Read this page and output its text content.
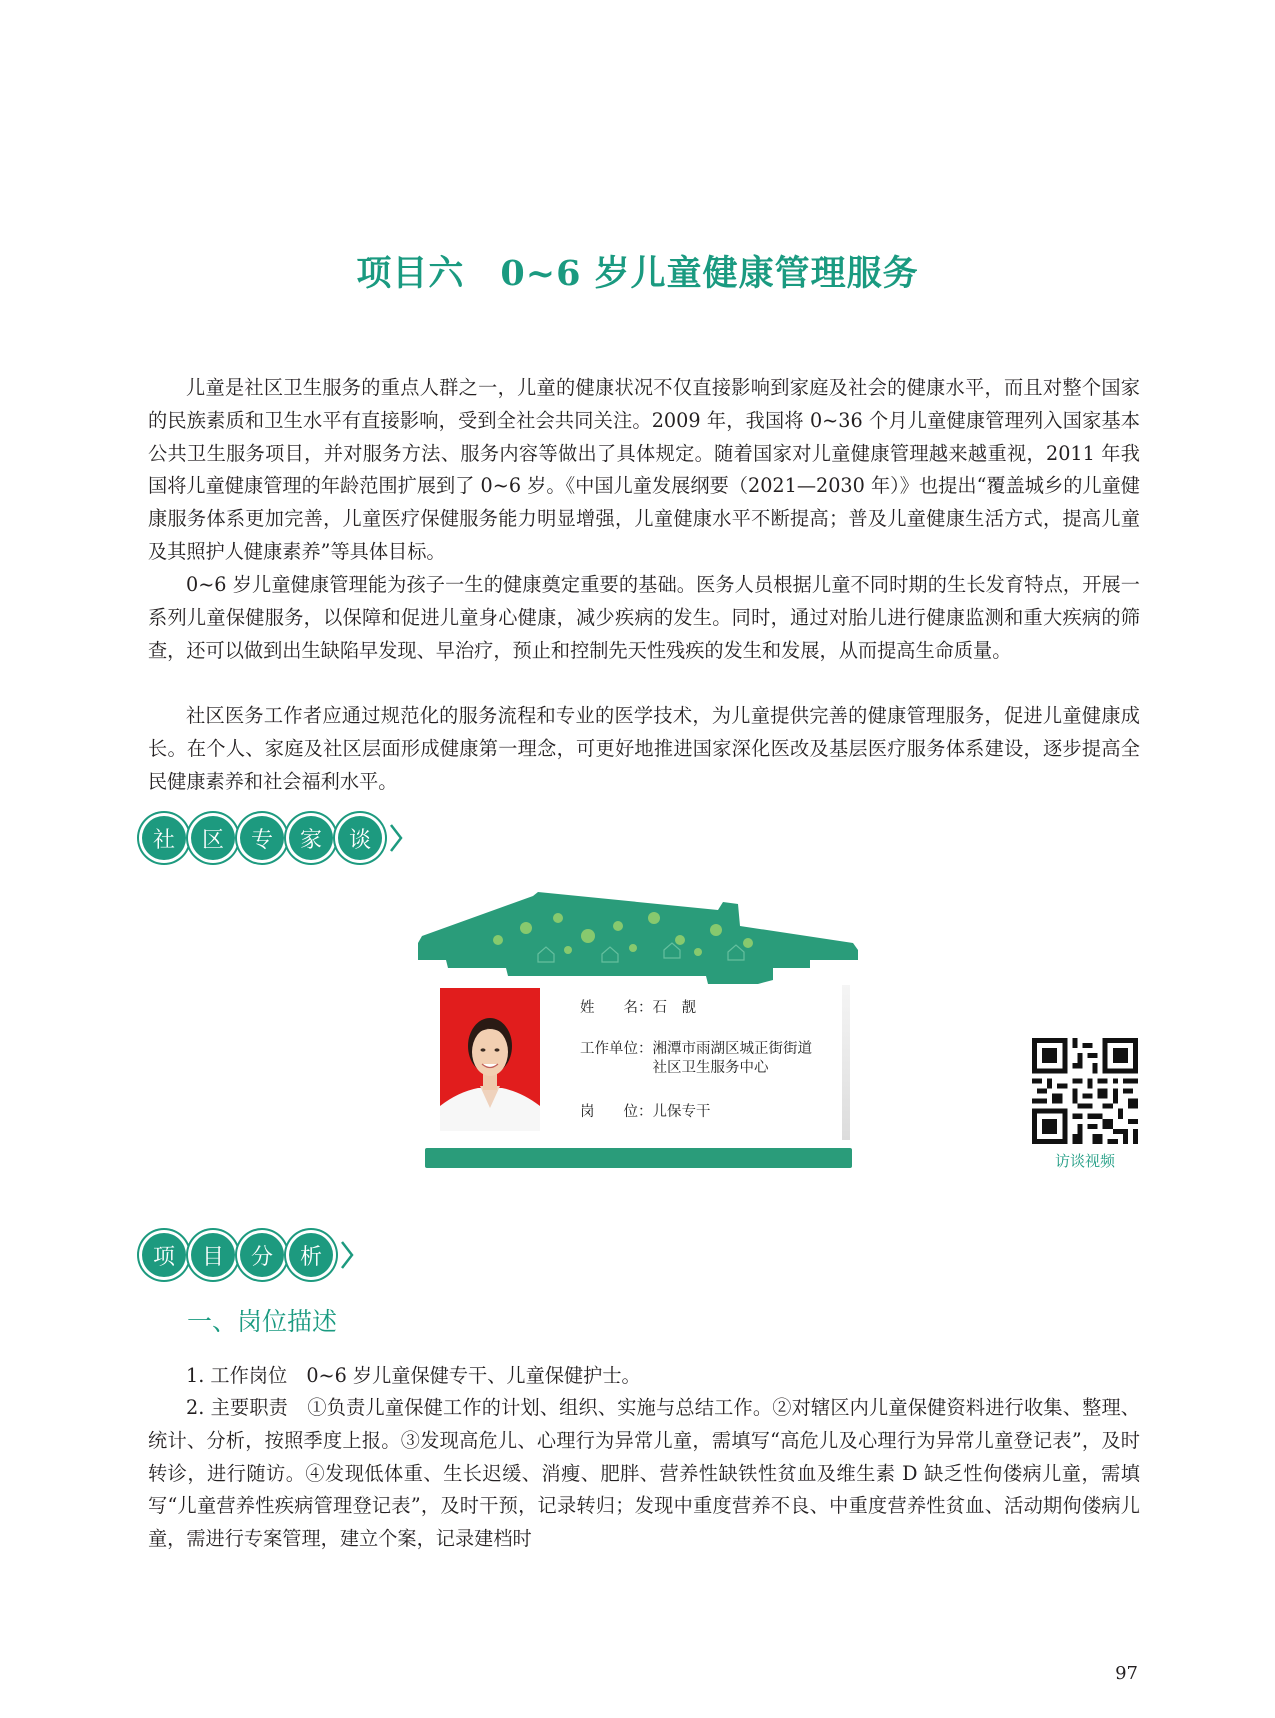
项目六　0~6 岁儿童健康管理服务

儿童是社区卫生服务的重点人群之一，儿童的健康状况不仅直接影响到家庭及社会的健康水平，而且对整个国家的民族素质和卫生水平有直接影响，受到全社会共同关注。2009 年，我国将 0~36 个月儿童健康管理列入国家基本公共卫生服务项目，并对服务方法、服务内容等做出了具体规定。随着国家对儿童健康管理越来越重视，2011 年我国将儿童健康管理的年龄范围扩展到了 0~6 岁。《中国儿童发展纲要（2021—2030 年）》也提出“覆盖城乡的儿童健康服务体系更加完善，儿童医疗保健服务能力明显增强，儿童健康水平不断提高；普及儿童健康生活方式，提高儿童及其照护人健康素养”等具体目标。

0~6 岁儿童健康管理能为孩子一生的健康奠定重要的基础。医务人员根据儿童不同时期的生长发育特点，开展一系列儿童保健服务，以保障和促进儿童身心健康，减少疾病的发生。同时，通过对胎儿进行健康监测和重大疾病的筛查，还可以做到出生缺陷早发现、早治疗，预止和控制先天性残疾的发生和发展，从而提高生命质量。

社区医务工作者应通过规范化的服务流程和专业的医学技术，为儿童提供完善的健康管理服务，促进儿童健康成长。在个人、家庭及社区层面形成健康第一理念，可更好地推进国家深化医改及基层医疗服务体系建设，逐步提高全民健康素养和社会福利水平。

社	区	专	家	谈
姓　　名：石　靓
工作单位：湘潭市雨湖区城正街街道
社区卫生服务中心
岗　　位：儿保专干
访谈视频
项	目	分	析
一、岗位描述

1. 工作岗位　0~6 岁儿童保健专干、儿童保健护士。

2. 主要职责　①负责儿童保健工作的计划、组织、实施与总结工作。②对辖区内儿童保健资料进行收集、整理、统计、分析，按照季度上报。③发现高危儿、心理行为异常儿童，需填写“高危儿及心理行为异常儿童登记表”，及时转诊，进行随访。④发现低体重、生长迟缓、消瘦、肥胖、营养性缺铁性贫血及维生素 D 缺乏性佝偻病儿童，需填写“儿童营养性疾病管理登记表”，及时干预，记录转归；发现中重度营养不良、中重度营养性贫血、活动期佝偻病儿童，需进行专案管理，建立个案，记录建档时

97
